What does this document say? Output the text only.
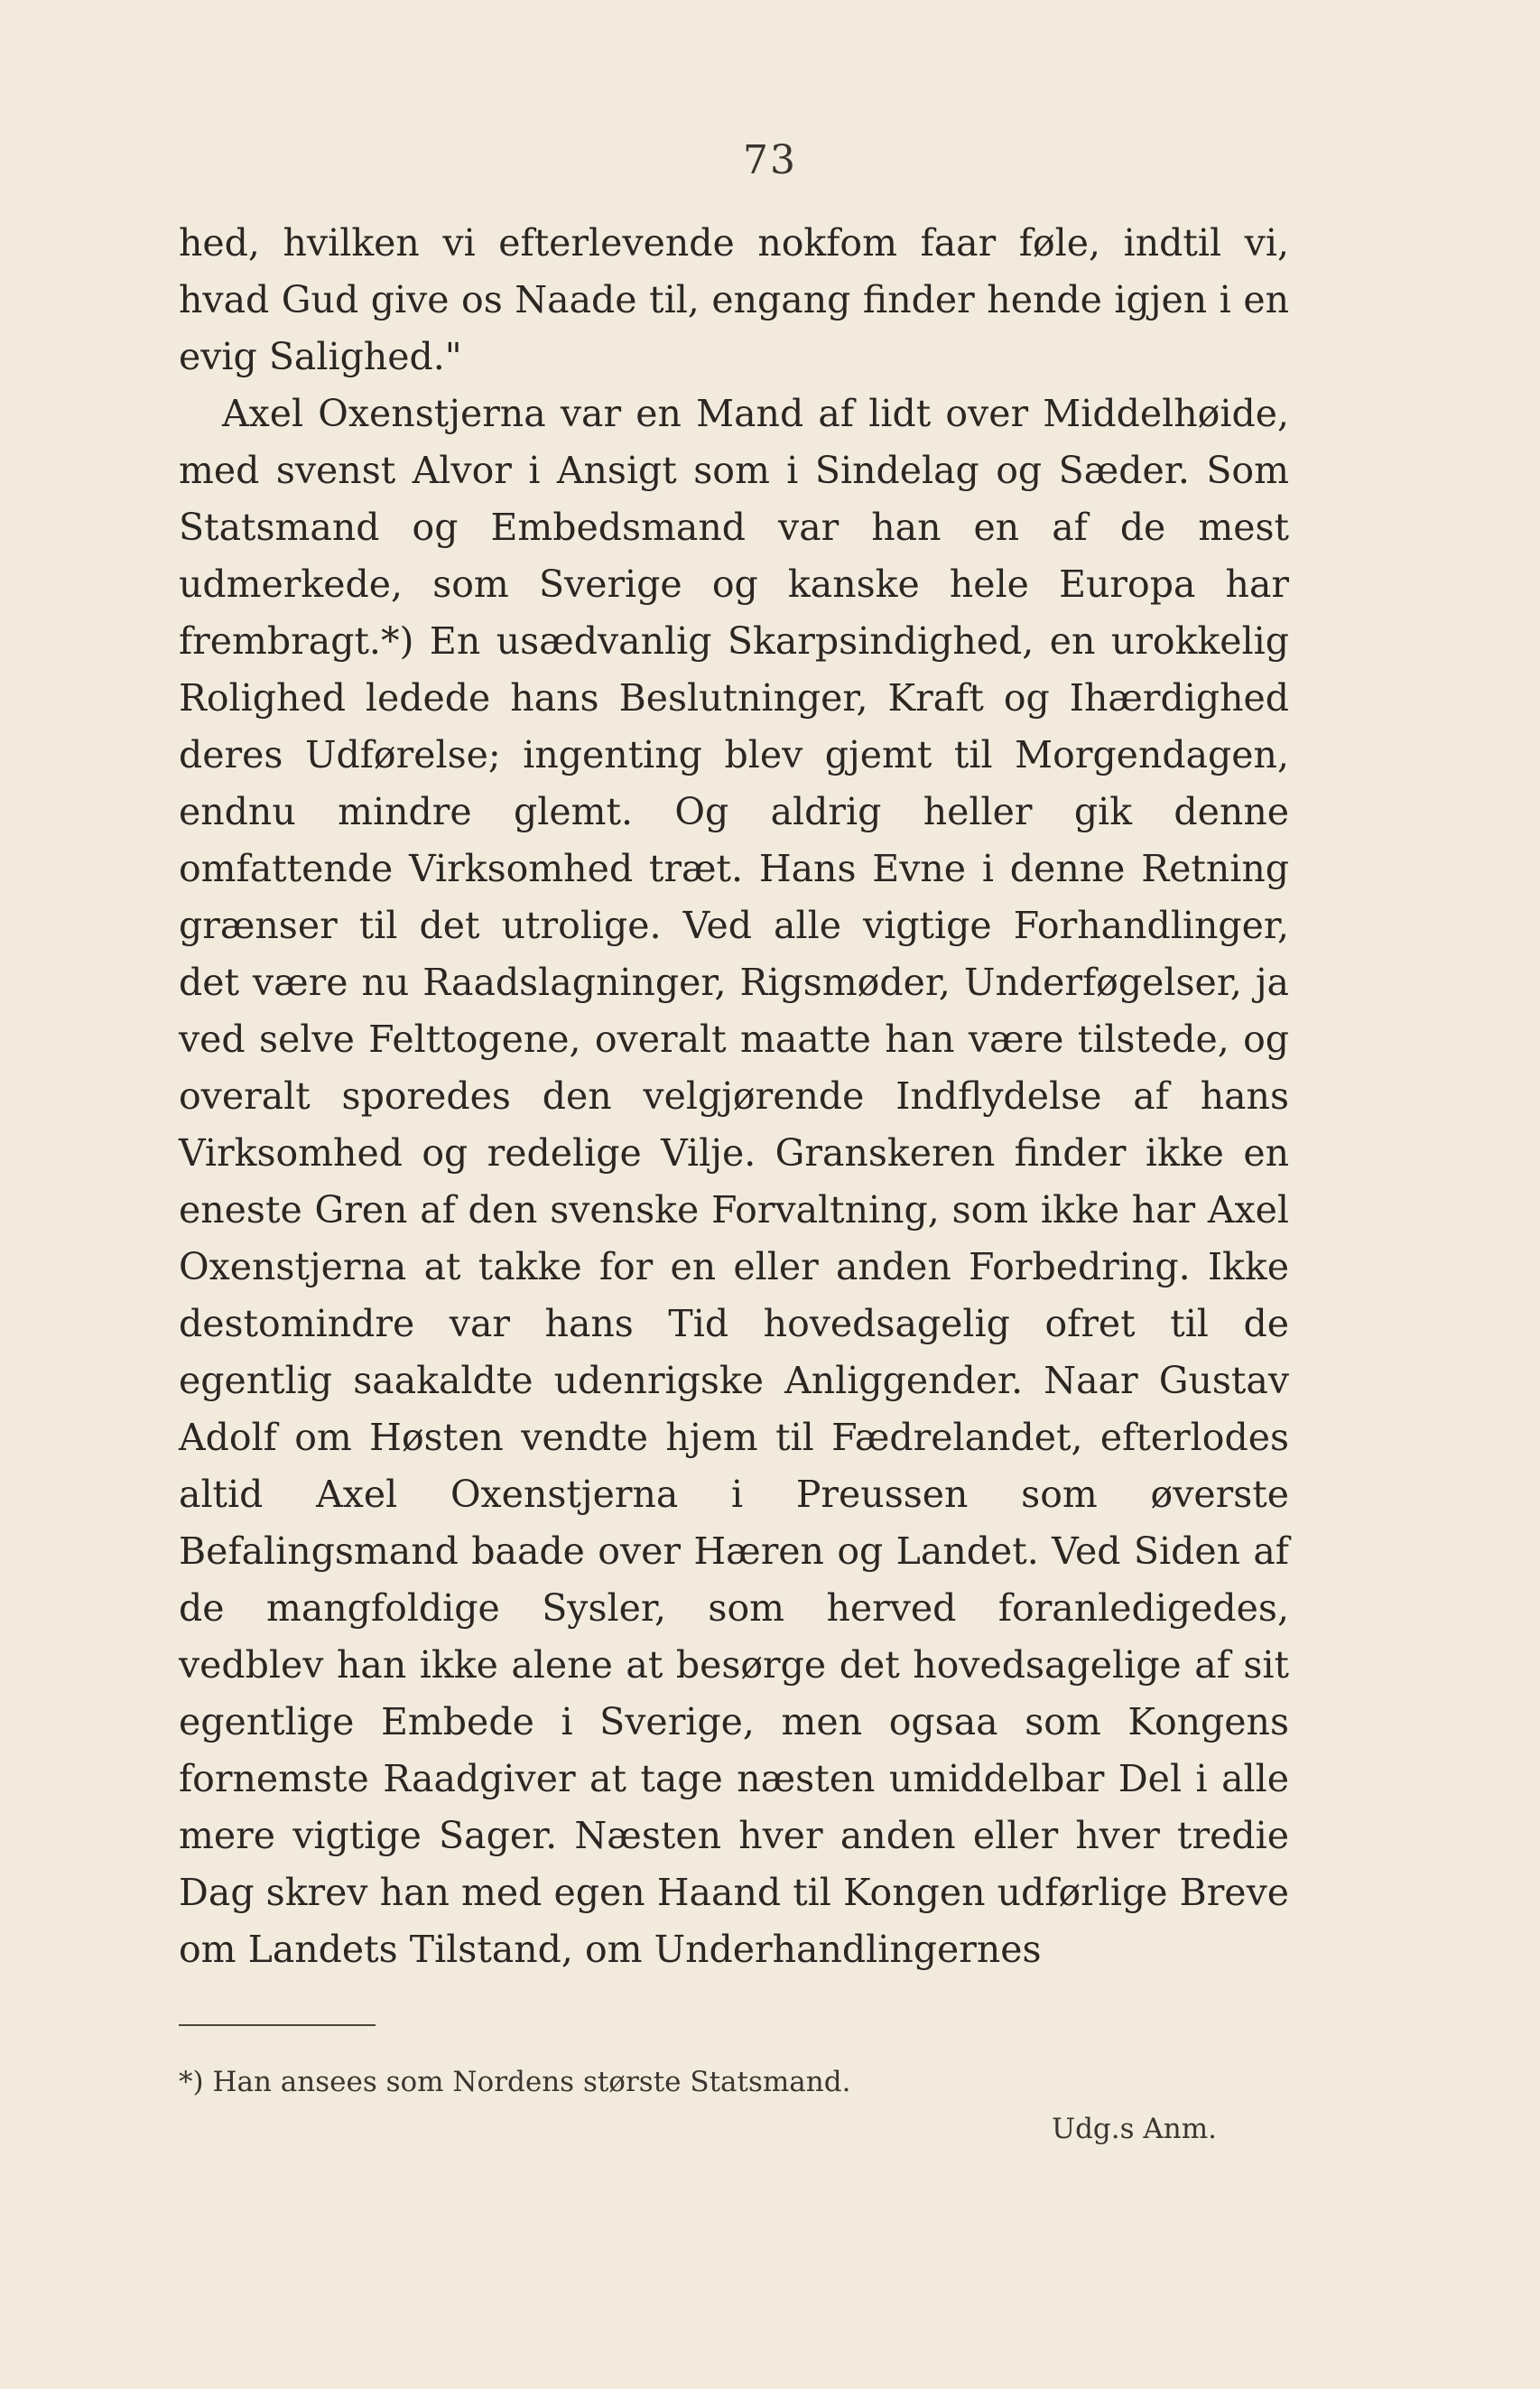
73

hed, hvilken vi efterlevende nokfom faar føle, indtil vi, hvad Gud give os Naade til, engang finder hende igjen i en evig Salighed."

Axel Oxenstjerna var en Mand af lidt over Middelhøide, med svenst Alvor i Ansigt som i Sindelag og Sæder. Som Statsmand og Embedsmand var han en af de mest udmerkede, som Sverige og kanske hele Europa har frembragt.*) En usædvanlig Skarpsindighed, en urokkelig Rolighed ledede hans Beslutninger, Kraft og Ihærdighed deres Udførelse; ingenting blev gjemt til Morgendagen, endnu mindre glemt. Og aldrig heller gik denne omfattende Virksomhed træt. Hans Evne i denne Retning grænser til det utrolige. Ved alle vigtige Forhandlinger, det være nu Raadslagninger, Rigsmøder, Underføgelser, ja ved selve Felttogene, overalt maatte han være tilstede, og overalt sporedes den velgjørende Indflydelse af hans Virksomhed og redelige Vilje. Granskeren finder ikke en eneste Gren af den svenske Forvaltning, som ikke har Axel Oxenstjerna at takke for en eller anden Forbedring. Ikke destomindre var hans Tid hovedsagelig ofret til de egentlig saakaldte udenrigske Anliggender. Naar Gustav Adolf om Høsten vendte hjem til Fædrelandet, efterlodes altid Axel Oxenstjerna i Preussen som øverste Befalingsmand baade over Hæren og Landet. Ved Siden af de mangfoldige Sysler, som herved foranledigedes, vedblev han ikke alene at besørge det hovedsagelige af sit egentlige Embede i Sverige, men ogsaa som Kongens fornemste Raadgiver at tage næsten umiddelbar Del i alle mere vigtige Sager. Næsten hver anden eller hver tredie Dag skrev han med egen Haand til Kongen udførlige Breve om Landets Tilstand, om Underhandlingernes

*) Han ansees som Nordens største Statsmand.
Udg.s Anm.
